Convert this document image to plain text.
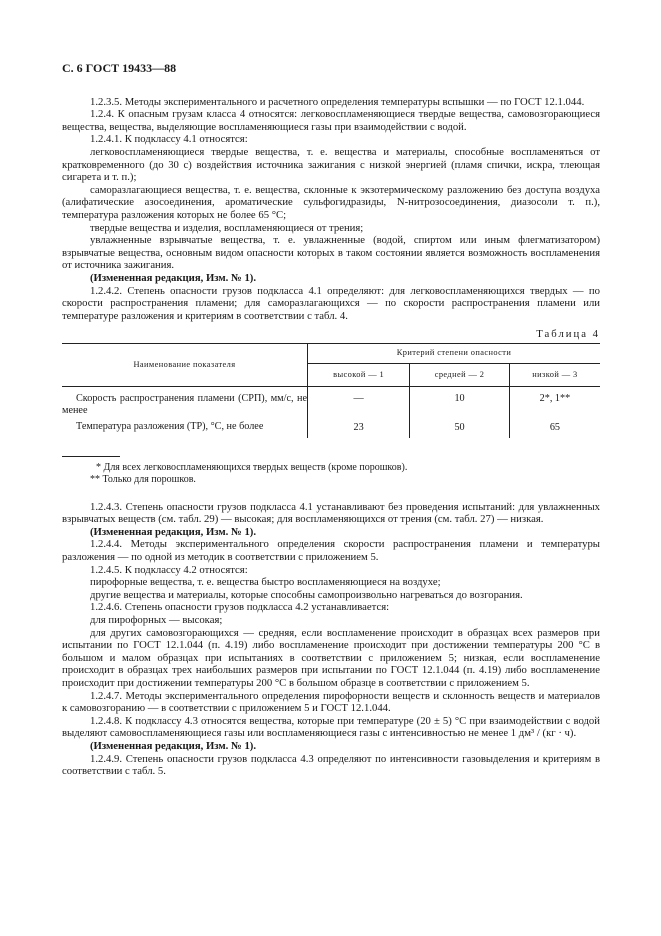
С. 6 ГОСТ 19433—88

1.2.3.5. Методы экспериментального и расчетного определения температуры вспышки — по ГОСТ 12.1.044.

1.2.4. К опасным грузам класса 4 относятся: легковоспламеняющиеся твердые вещества, самовозгорающиеся вещества, вещества, выделяющие воспламеняющиеся газы при взаимодействии с водой.

1.2.4.1. К подклассу 4.1 относятся:

легковоспламеняющиеся твердые вещества, т. е. вещества и материалы, способные воспламеняться от кратковременного (до 30 с) воздействия источника зажигания с низкой энергией (пламя спички, искра, тлеющая сигарета и т. п.);

саморазлагающиеся вещества, т. е. вещества, склонные к экзотермическому разложению без доступа воздуха (алифатические азосоединения, ароматические сульфогидразиды, N-нитрозосоединения, диазосоли т. п.), температура разложения которых не более 65 °С;

твердые вещества и изделия, воспламеняющиеся от трения;

увлажненные взрывчатые вещества, т. е. увлажненные (водой, спиртом или иным флегматизатором) взрывчатые вещества, основным видом опасности которых в таком состоянии является возможность воспламенения от источника зажигания.

(Измененная редакция, Изм. № 1).

1.2.4.2. Степень опасности грузов подкласса 4.1 определяют: для легковоспламеняющихся твердых — по скорости распространения пламени; для саморазлагающихся — по скорости распространения пламени или температуре разложения и критериям в соответствии с табл. 4.

Таблица 4
Наименование показателя	Критерий степени опасности		
	высокой — 1	средней — 2	низкой — 3

Скорость распространения пламени (СРП), мм/с, не менее	—	10	2*, 1**

Температура разложения (ТР), °С, не более	23	50	65

* Для всех легковоспламеняющихся твердых веществ (кроме порошков).

** Только для порошков.

1.2.4.3. Степень опасности грузов подкласса 4.1 устанавливают без проведения испытаний: для увлажненных взрывчатых веществ (см. табл. 29) — высокая; для воспламеняющихся от трения (см. табл. 27) — низкая.

(Измененная редакция, Изм. № 1).

1.2.4.4. Методы экспериментального определения скорости распространения пламени и температуры разложения — по одной из методик в соответствии с приложением 5.

1.2.4.5. К подклассу 4.2 относятся:

пирофорные вещества, т. е. вещества быстро воспламеняющиеся на воздухе;

другие вещества и материалы, которые способны самопроизвольно нагреваться до возгорания.

1.2.4.6. Степень опасности грузов подкласса 4.2 устанавливается:

для пирофорных — высокая;

для других самовозгорающихся — средняя, если воспламенение происходит в образцах всех размеров при испытании по ГОСТ 12.1.044 (п. 4.19) либо воспламенение происходит при достижении температуры 200 °С в большом и малом образцах при испытаниях в соответствии с приложением 5; низкая, если воспламенение происходит в образцах трех наибольших размеров при испытании по ГОСТ 12.1.044 (п. 4.19) либо воспламенение происходит при достижении температуры 200 °С в большом образце в соответствии с приложением 5.

1.2.4.7. Методы экспериментального определения пирофорности веществ и склонность веществ и материалов к самовозгоранию — в соответствии с приложением 5 и ГОСТ 12.1.044.

1.2.4.8. К подклассу 4.3 относятся вещества, которые при температуре (20 ± 5) °С при взаимодействии с водой выделяют самовоспламеняющиеся газы или воспламеняющиеся газы с интенсивностью не менее 1 дм³ / (кг · ч).

(Измененная редакция, Изм. № 1).

1.2.4.9. Степень опасности грузов подкласса 4.3 определяют по интенсивности газовыделения и критериям в соответствии с табл. 5.
